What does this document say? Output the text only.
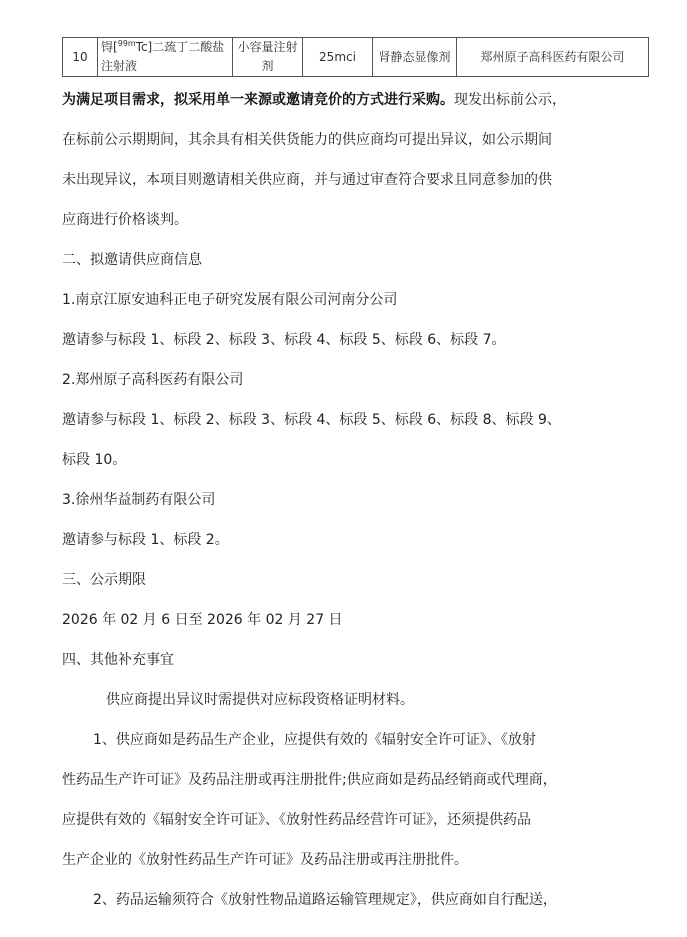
10	锝[$^{99m}$Tc]二巯丁二酸盐注射液	小容量注射剂	25mci	肾静态显像剂	郑州原子高科医药有限公司
为满足项目需求，拟采用单一来源或邀请竞价的方式进行采购。现发出标前公示，
在标前公示期期间，其余具有相关供货能力的供应商均可提出异议，如公示期间
未出现异议，本项目则邀请相关供应商，并与通过审查符合要求且同意参加的供
应商进行价格谈判。
二、拟邀请供应商信息
1.南京江原安迪科正电子研究发展有限公司河南分公司
邀请参与标段 1、标段 2、标段 3、标段 4、标段 5、标段 6、标段 7。
2.郑州原子高科医药有限公司
邀请参与标段 1、标段 2、标段 3、标段 4、标段 5、标段 6、标段 8、标段 9、
标段 10。
3.徐州华益制药有限公司
邀请参与标段 1、标段 2。
三、公示期限
2026 年 02 月 6 日至 2026 年 02 月 27 日
四、其他补充事宜
供应商提出异议时需提供对应标段资格证明材料。
1、供应商如是药品生产企业，应提供有效的《辐射安全许可证》、《放射
性药品生产许可证》及药品注册或再注册批件;供应商如是药品经销商或代理商，
应提供有效的《辐射安全许可证》、《放射性药品经营许可证》，还须提供药品
生产企业的《放射性药品生产许可证》及药品注册或再注册批件。
2、药品运输须符合《放射性物品道路运输管理规定》，供应商如自行配送，
